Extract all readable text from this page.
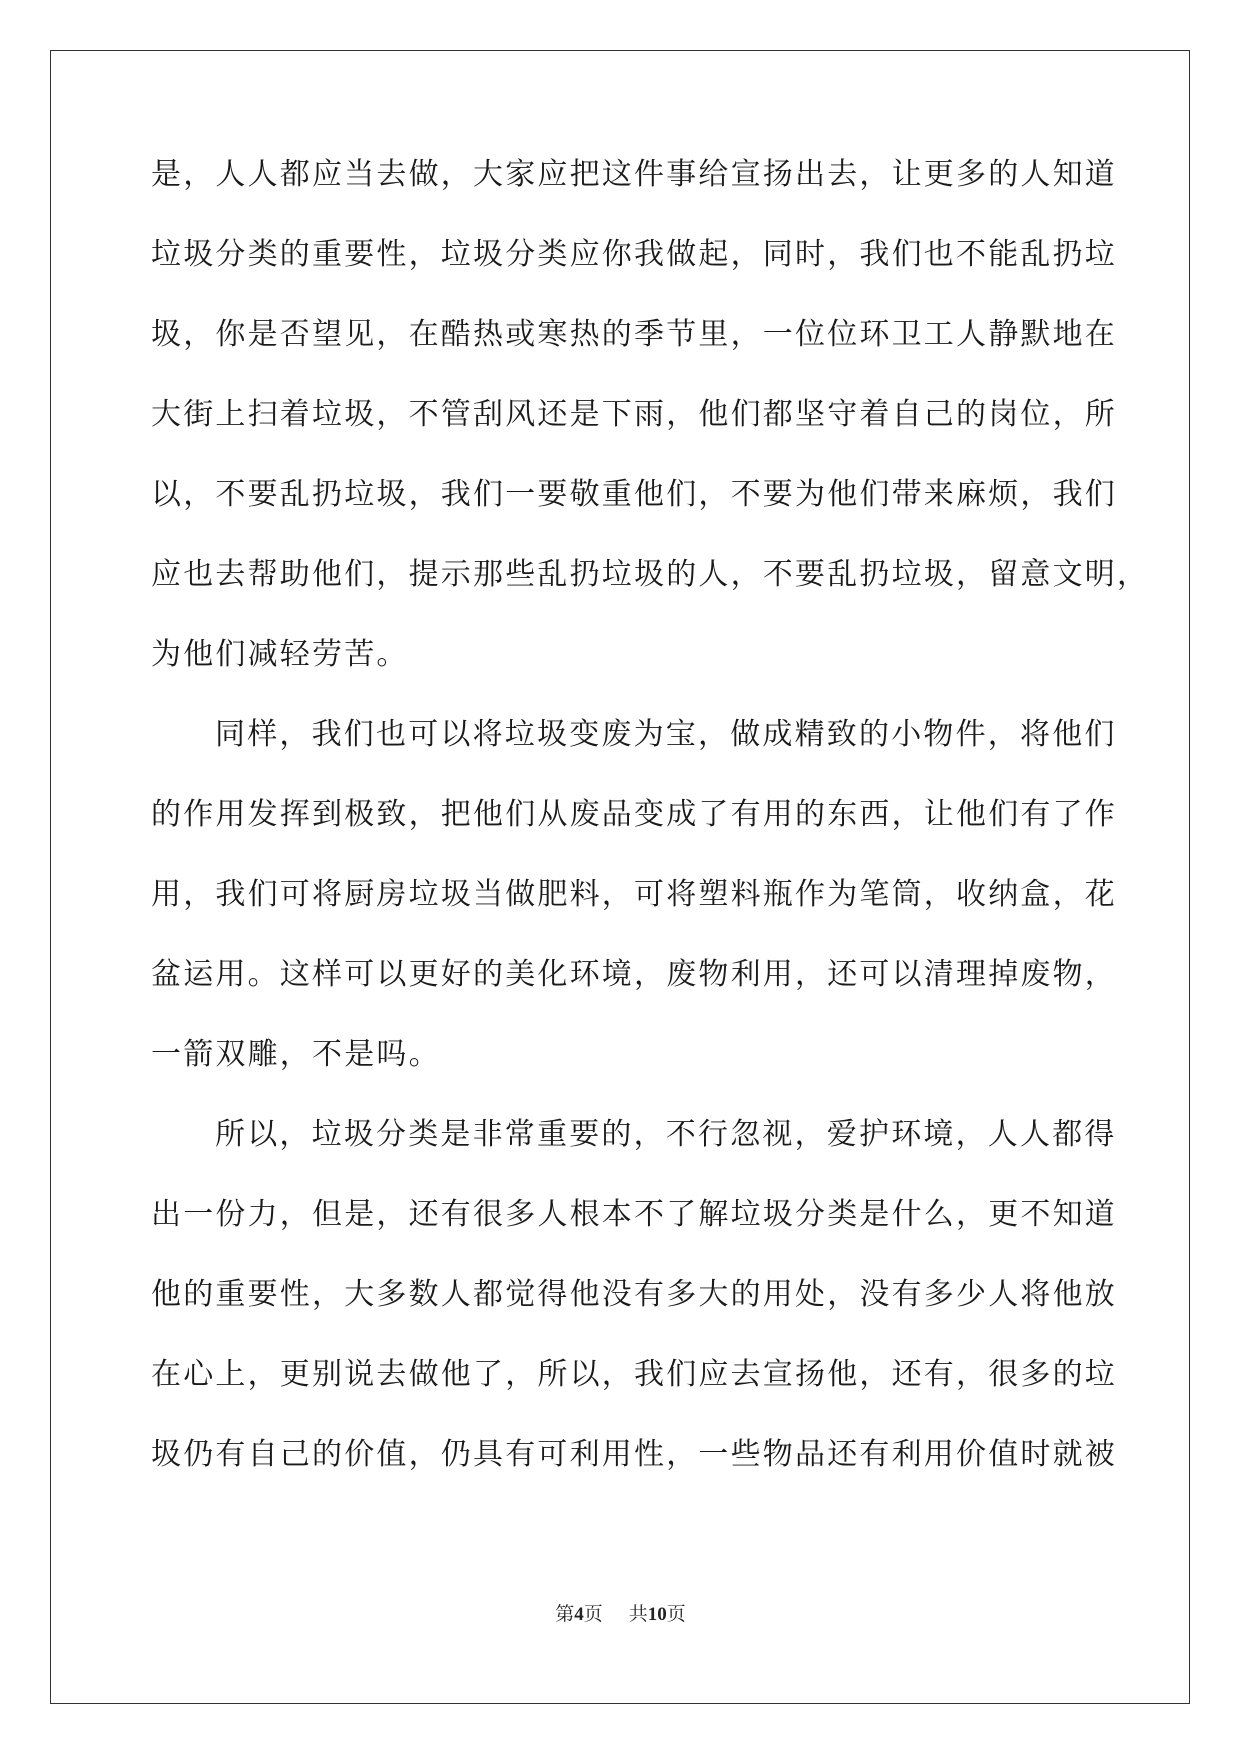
是，人人都应当去做，大家应把这件事给宣扬出去，让更多的人知道
垃圾分类的重要性，垃圾分类应你我做起，同时，我们也不能乱扔垃
圾，你是否望见，在酷热或寒热的季节里，一位位环卫工人静默地在
大街上扫着垃圾，不管刮风还是下雨，他们都坚守着自己的岗位，所
以，不要乱扔垃圾，我们一要敬重他们，不要为他们带来麻烦，我们
应也去帮助他们，提示那些乱扔垃圾的人，不要乱扔垃圾，留意文明，
为他们减轻劳苦。
同样，我们也可以将垃圾变废为宝，做成精致的小物件，将他们
的作用发挥到极致，把他们从废品变成了有用的东西，让他们有了作
用，我们可将厨房垃圾当做肥料，可将塑料瓶作为笔筒，收纳盒，花
盆运用。这样可以更好的美化环境，废物利用，还可以清理掉废物，
一箭双雕，不是吗。
所以，垃圾分类是非常重要的，不行忽视，爱护环境，人人都得
出一份力，但是，还有很多人根本不了解垃圾分类是什么，更不知道
他的重要性，大多数人都觉得他没有多大的用处，没有多少人将他放
在心上，更别说去做他了，所以，我们应去宣扬他，还有，很多的垃
圾仍有自己的价值，仍具有可利用性，一些物品还有利用价值时就被
第4页 共10页
